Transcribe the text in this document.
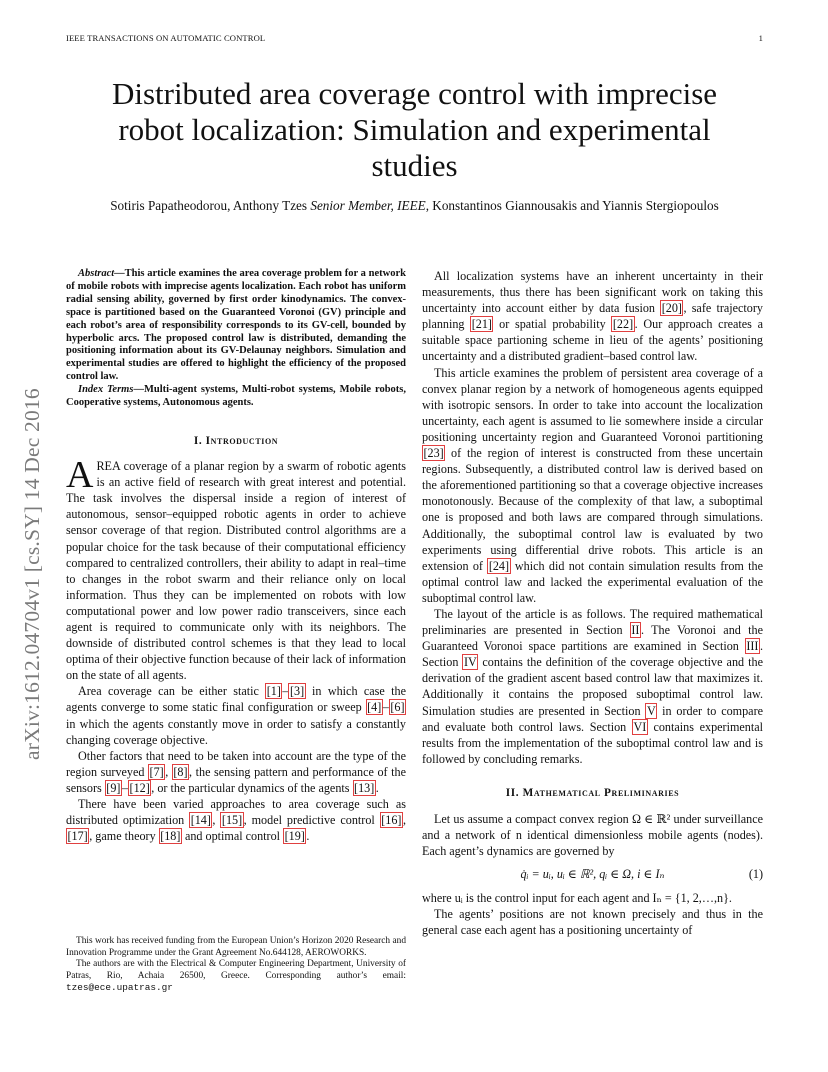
IEEE TRANSACTIONS ON AUTOMATIC CONTROL	1
arXiv:1612.04704v1 [cs.SY] 14 Dec 2016
Distributed area coverage control with imprecise
robot localization: Simulation and experimental
studies
Sotiris Papatheodorou, Anthony Tzes Senior Member, IEEE, Konstantinos Giannousakis and Yiannis Stergiopoulos

Abstract—This article examines the area coverage problem for a network of mobile robots with imprecise agents localization. Each robot has uniform radial sensing ability, governed by first order kinodynamics. The convex-space is partitioned based on the Guaranteed Voronoi (GV) principle and each robot’s area of responsibility corresponds to its GV-cell, bounded by hyperbolic arcs. The proposed control law is distributed, demanding the positioning information about its GV-Delaunay neighbors. Simulation and experimental studies are offered to highlight the efficiency of the proposed control law.

Index Terms—Multi-agent systems, Multi-robot systems, Mobile robots, Cooperative systems, Autonomous agents.

I. Introduction

AREA coverage of a planar region by a swarm of robotic agents is an active field of research with great interest and potential. The task involves the dispersal inside a region of interest of autonomous, sensor–equipped robotic agents in order to achieve sensor coverage of that region. Distributed control algorithms are a popular choice for the task because of their computational efficiency compared to centralized controllers, their ability to adapt in real–time to changes in the robot swarm and their reliance only on local information. Thus they can be implemented on robots with low computational power and low power radio transceivers, since each agent is required to communicate only with its neighbors. The downside of distributed control schemes is that they lead to local optima of their objective function because of their lack of information on the state of all agents.

Area coverage can be either static [1] – [3] in which case the agents converge to some static final configuration or sweep [4] – [6] in which the agents constantly move in order to satisfy a constantly changing coverage objective.

Other factors that need to be taken into account are the type of the region surveyed [7] , [8] , the sensing pattern and performance of the sensors [9] – [12] , or the particular dynamics of the agents [13] .

There have been varied approaches to area coverage such as distributed optimization [14] , [15] , model predictive control [16] , [17] , game theory [18] and optimal control [19] .

This work has received funding from the European Union’s Horizon 2020 Research and Innovation Programme under the Grant Agreement No.644128, AEROWORKS.

The authors are with the Electrical & Computer Engineering Department, University of Patras, Rio, Achaia 26500, Greece. Corresponding author’s email: tzes@ece.upatras.gr

All localization systems have an inherent uncertainty in their measurements, thus there has been significant work on taking this uncertainty into account either by data fusion [20] , safe trajectory planning [21] or spatial probability [22] . Our approach creates a suitable space partioning scheme in lieu of the agents’ positioning uncertainty and a distributed gradient–based control law.

This article examines the problem of persistent area coverage of a convex planar region by a network of homogeneous agents equipped with isotropic sensors. In order to take into account the localization uncertainty, each agent is assumed to lie somewhere inside a circular positioning uncertainty region and Guaranteed Voronoi partitioning [23] of the region of interest is constructed from these uncertain regions. Subsequently, a distributed control law is derived based on the aforementioned partitioning so that a coverage objective increases monotonously. Because of the complexity of that law, a suboptimal one is proposed and both laws are compared through simulations. Additionally, the suboptimal control law is evaluated by two experiments using differential drive robots. This article is an extension of [24] which did not contain simulation results from the optimal control law and lacked the experimental evaluation of the suboptimal control law.

The layout of the article is as follows. The required mathematical preliminaries are presented in Section II . The Voronoi and the Guaranteed Voronoi space partitions are examined in Section III . Section IV contains the definition of the coverage objective and the derivation of the gradient ascent based control law that maximizes it. Additionally it contains the proposed suboptimal control law. Simulation studies are presented in Section V in order to compare and evaluate both control laws. Section VI contains experimental results from the implementation of the suboptimal control law and is followed by concluding remarks.

II. Mathematical Preliminaries

Let us assume a compact convex region Ω ∈ ℝ² under surveillance and a network of n identical dimensionless mobile agents (nodes). Each agent’s dynamics are governed by

q̇ᵢ = uᵢ, uᵢ ∈ ℝ², qᵢ ∈ Ω, i ∈ Iₙ	(1)

where uᵢ is the control input for each agent and Iₙ = {1, 2,…,n}.

The agents’ positions are not known precisely and thus in the general case each agent has a positioning uncertainty of
